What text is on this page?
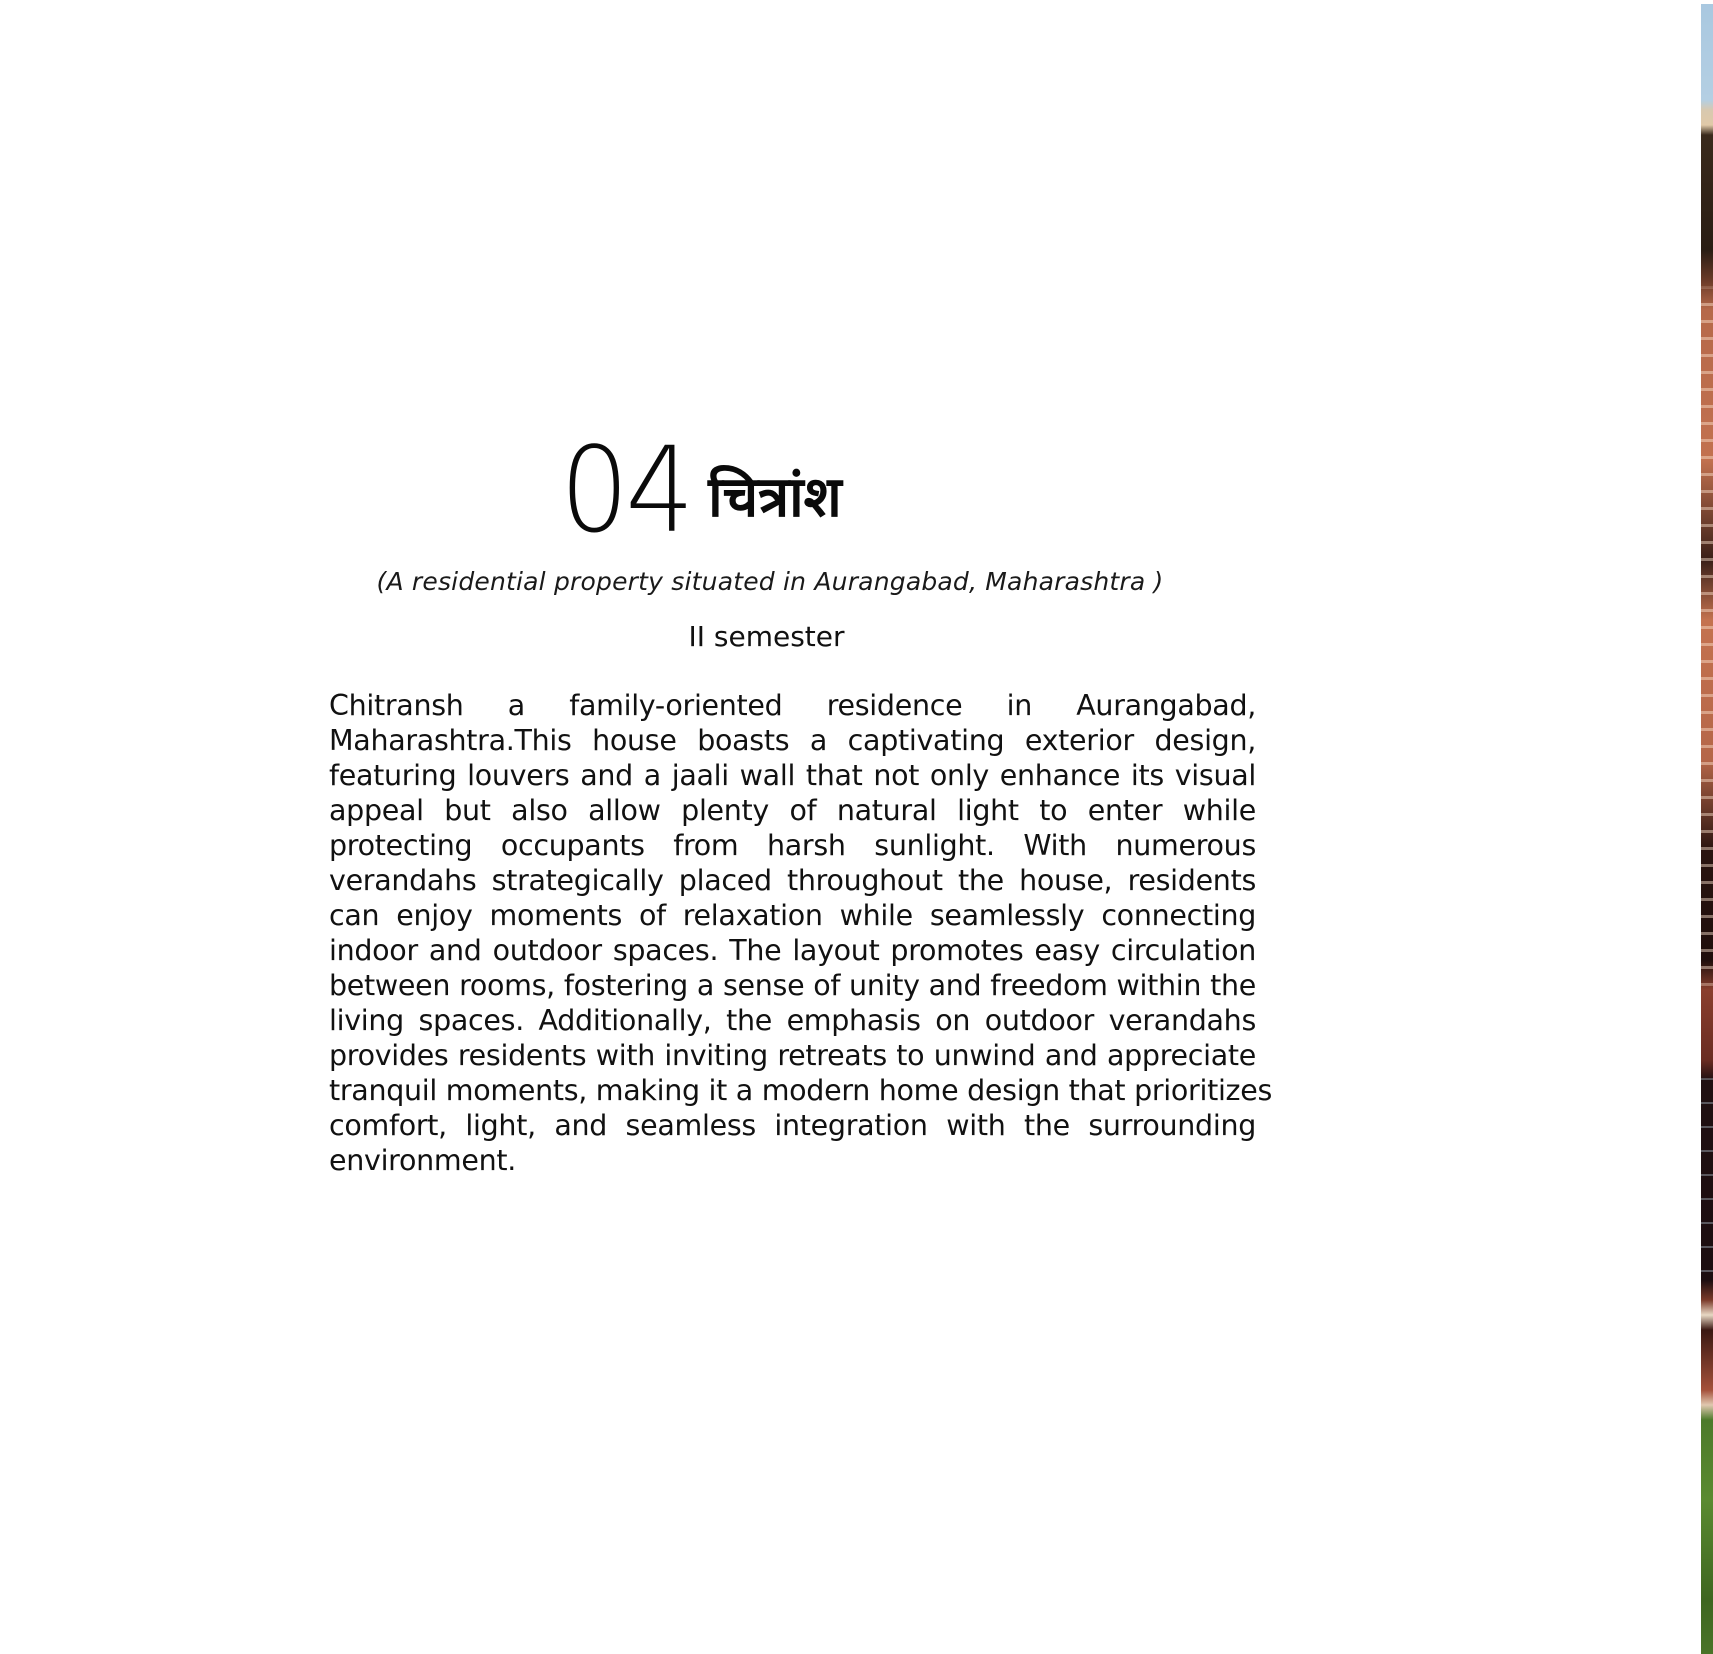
04 चित्रांश
(A residential property situated in Aurangabad, Maharashtra )
II semester
Chitransh a family-oriented residence in Aurangabad,
Maharashtra.This house boasts a captivating exterior design,
featuring louvers and a jaali wall that not only enhance its visual
appeal but also allow plenty of natural light to enter while
protecting occupants from harsh sunlight. With numerous
verandahs strategically placed throughout the house, residents
can enjoy moments of relaxation while seamlessly connecting
indoor and outdoor spaces. The layout promotes easy circulation
between rooms, fostering a sense of unity and freedom within the
living spaces. Additionally, the emphasis on outdoor verandahs
provides residents with inviting retreats to unwind and appreciate
tranquil moments, making it a modern home design that prioritizes
comfort, light, and seamless integration with the surrounding
environment.
